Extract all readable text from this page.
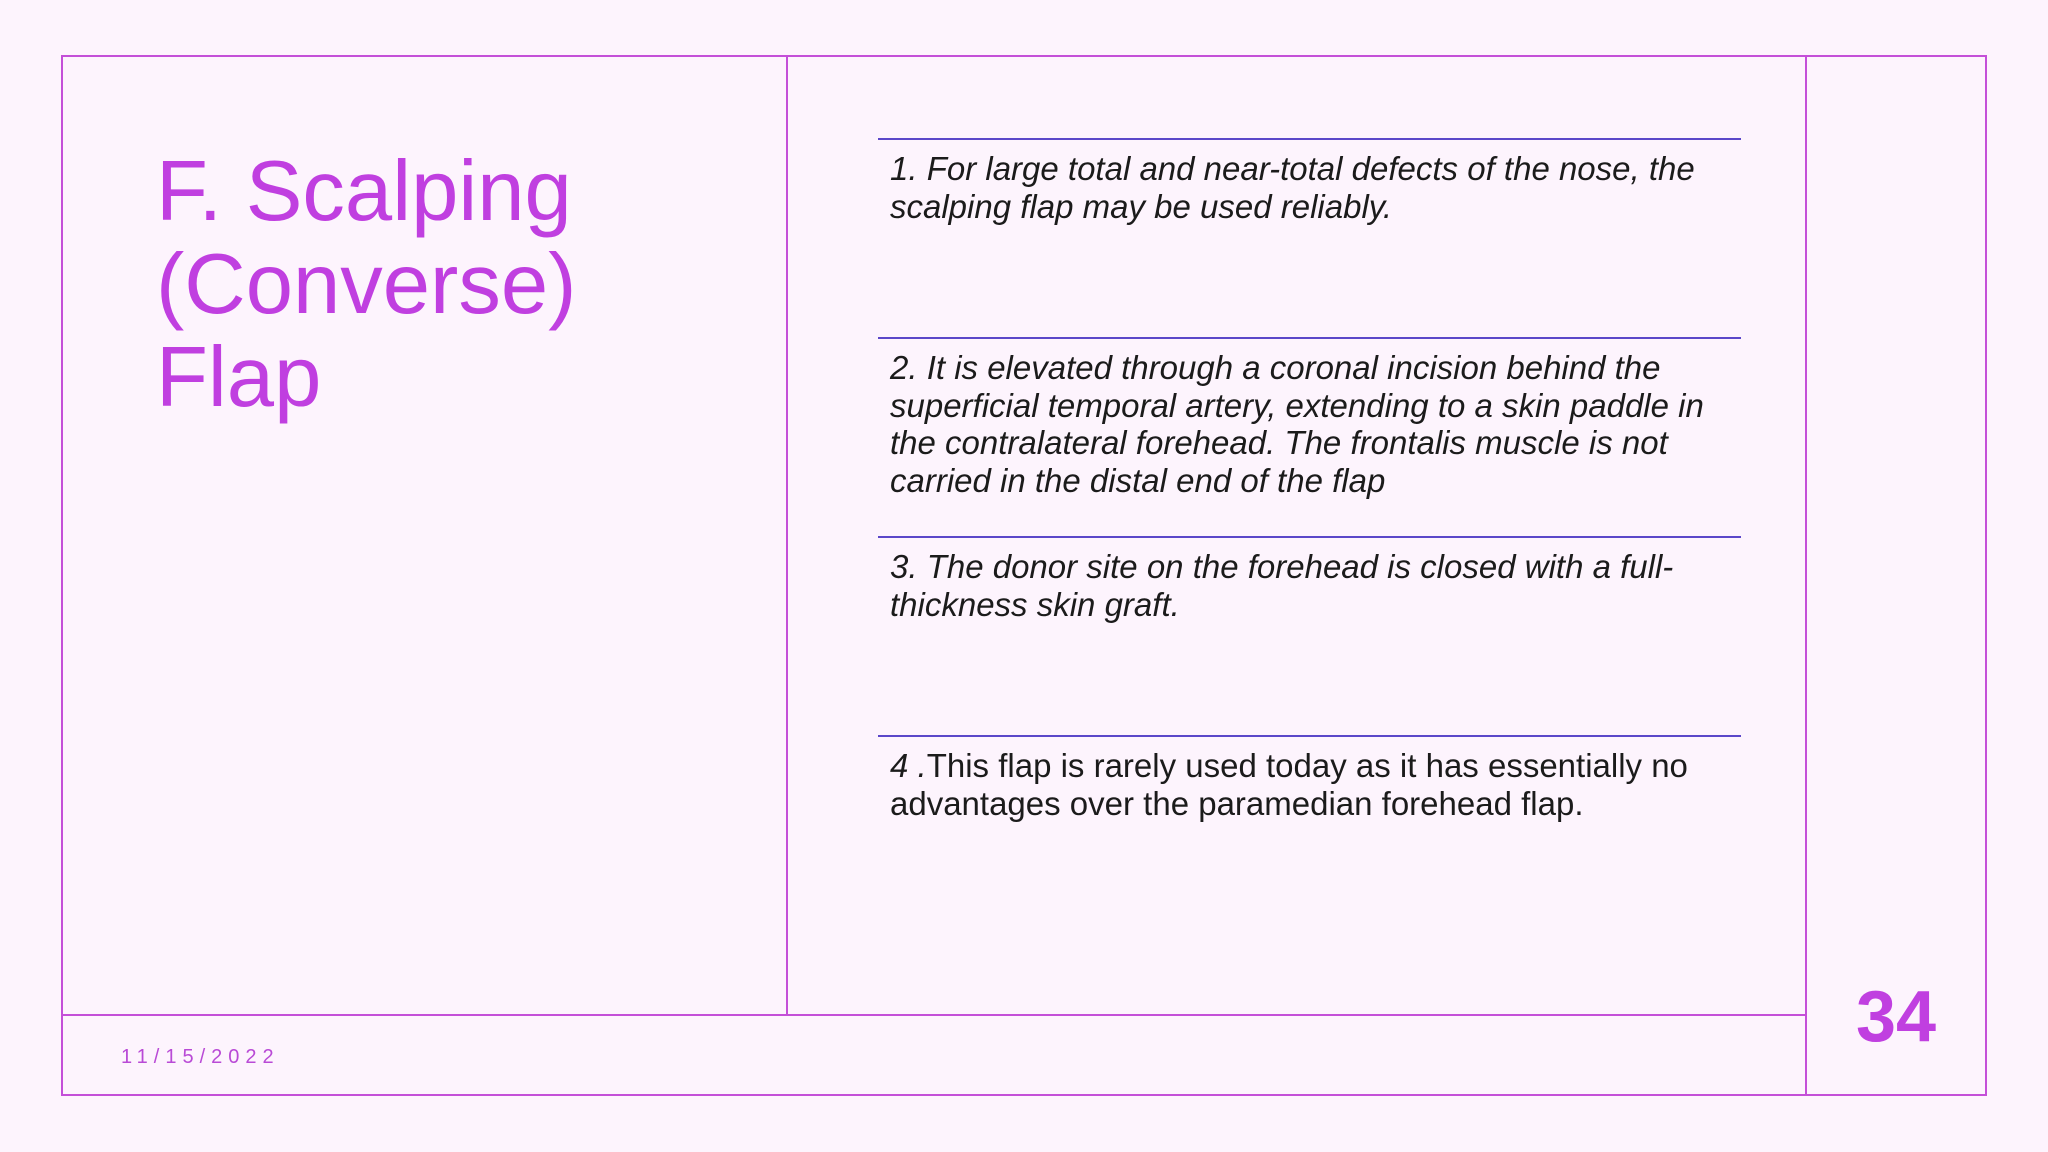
F. Scalping
(Converse)
Flap

1. For large total and near-total defects of the nose, the scalping flap may be used reliably.

2. It is elevated through a coronal incision behind the superficial temporal artery, extending to a skin paddle in the contralateral forehead. The frontalis muscle is not carried in the distal end of the flap

3. The donor site on the forehead is closed with a full-thickness skin graft.

4 .This flap is rarely used today as it has essentially no advantages over the paramedian forehead flap.

11/15/2022	34
